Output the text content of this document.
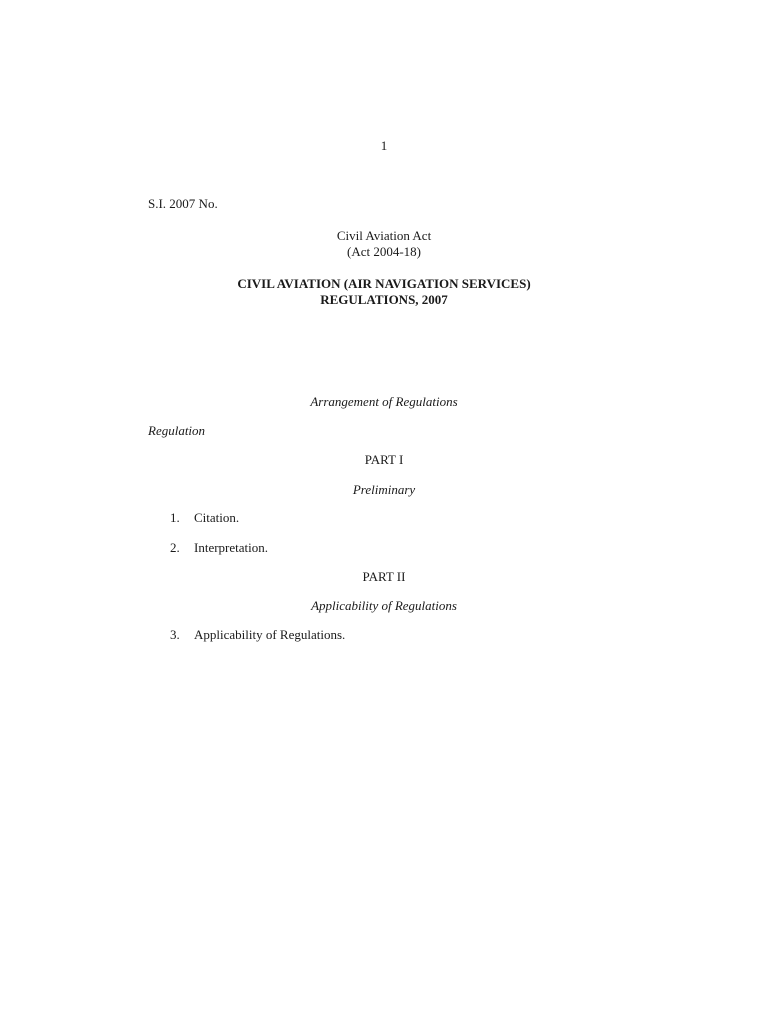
1
S.I. 2007 No.
Civil Aviation Act
(Act 2004-18)
CIVIL AVIATION (AIR NAVIGATION SERVICES)
REGULATIONS, 2007
Arrangement of Regulations
Regulation
PART I
Preliminary
1. Citation.
2. Interpretation.
PART II
Applicability of Regulations
3. Applicability of Regulations.
